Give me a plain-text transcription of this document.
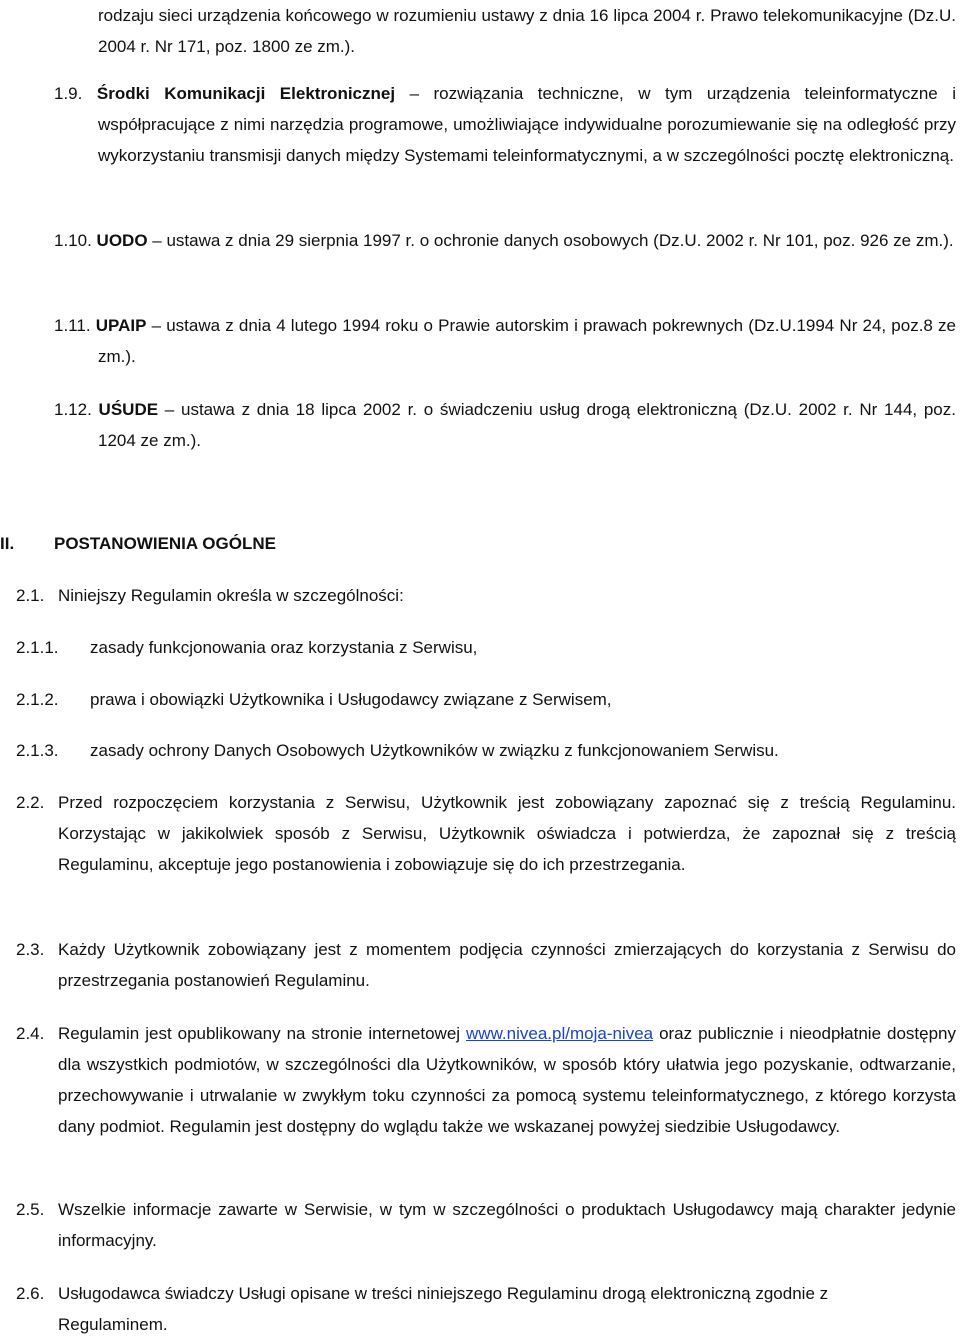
rodzaju sieci urządzenia końcowego w rozumieniu ustawy z dnia 16 lipca 2004 r. Prawo telekomunikacyjne (Dz.U. 2004 r. Nr 171, poz. 1800 ze zm.).

1.9. Środki Komunikacji Elektronicznej – rozwiązania techniczne, w tym urządzenia teleinformatyczne i współpracujące z nimi narzędzia programowe, umożliwiające indywidualne porozumiewanie się na odległość przy wykorzystaniu transmisji danych między Systemami teleinformatycznymi, a w szczególności pocztę elektroniczną.

1.10. UODO – ustawa z dnia 29 sierpnia 1997 r. o ochronie danych osobowych (Dz.U. 2002 r. Nr 101, poz. 926 ze zm.).

1.11. UPAIP – ustawa z dnia 4 lutego 1994 roku o Prawie autorskim i prawach pokrewnych (Dz.U.1994 Nr 24, poz.8 ze zm.).

1.12. UŚUDE – ustawa z dnia 18 lipca 2002 r. o świadczeniu usług drogą elektroniczną (Dz.U. 2002 r. Nr 144, poz. 1204 ze zm.).

II. POSTANOWIENIA OGÓLNE

2.1. Niniejszy Regulamin określa w szczególności:

2.1.1. zasady funkcjonowania oraz korzystania z Serwisu,

2.1.2. prawa i obowiązki Użytkownika i Usługodawcy związane z Serwisem,

2.1.3. zasady ochrony Danych Osobowych Użytkowników w związku z funkcjonowaniem Serwisu.

2.2. Przed rozpoczęciem korzystania z Serwisu, Użytkownik jest zobowiązany zapoznać się z treścią Regulaminu. Korzystając w jakikolwiek sposób z Serwisu, Użytkownik oświadcza i potwierdza, że zapoznał się z treścią Regulaminu, akceptuje jego postanowienia i zobowiązuje się do ich przestrzegania.

2.3. Każdy Użytkownik zobowiązany jest z momentem podjęcia czynności zmierzających do korzystania z Serwisu do przestrzegania postanowień Regulaminu.

2.4. Regulamin jest opublikowany na stronie internetowej www.nivea.pl/moja-nivea oraz publicznie i nieodpłatnie dostępny dla wszystkich podmiotów, w szczególności dla Użytkowników, w sposób który ułatwia jego pozyskanie, odtwarzanie, przechowywanie i utrwalanie w zwykłym toku czynności za pomocą systemu teleinformatycznego, z którego korzysta dany podmiot. Regulamin jest dostępny do wglądu także we wskazanej powyżej siedzibie Usługodawcy.

2.5. Wszelkie informacje zawarte w Serwisie, w tym w szczególności o produktach Usługodawcy mają charakter jedynie informacyjny.

2.6. Usługodawca świadczy Usługi opisane w treści niniejszego Regulaminu drogą elektroniczną zgodnie z Regulaminem.
